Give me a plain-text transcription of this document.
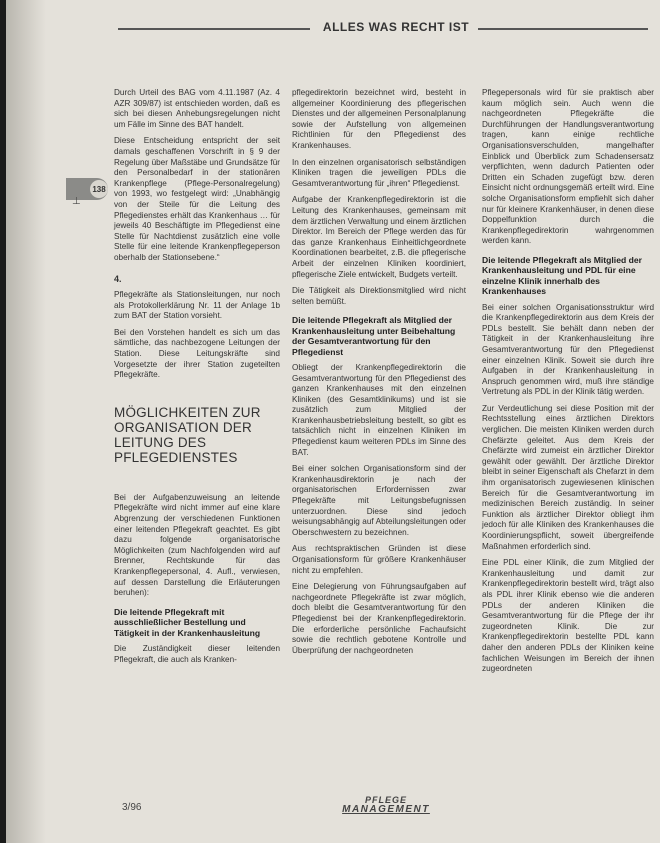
ALLES WAS RECHT IST
138
⊥

Durch Urteil des BAG vom 4.11.1987 (Az. 4 AZR 309/87) ist entschieden worden, daß es sich bei diesen Anhebungsregelungen nicht um Fälle im Sinne des BAT handelt.

Diese Entscheidung entspricht der seit damals geschaffenen Vorschrift in § 9 der Regelung über Maßstäbe und Grundsätze für den Personalbedarf in der stationären Krankenpflege (Pflege-Personalregelung) von 1993, wo festgelegt wird: „Unabhängig von der Steile für die Leitung des Pflegedienstes erhält das Krankenhaus … für jeweils 40 Beschäftigte im Pflegedienst eine Stelle für Nachtdienst zusätzlich eine volle Stelle für eine leitende Krankenpflegeperson oberhalb der Stationsebene.“

4.

Pflegekräfte als Stationsleitungen, nur noch als Protokollerklärung Nr. 11 der Anlage 1b zum BAT der Station vorsieht.

Bei den Vorstehen handelt es sich um das sämtliche, das nachbezogene Leitungen der Station. Diese Leitungskräfte sind Vorgesetzte der ihrer Station zugeteilten Pflegekräfte.

MÖGLICHKEITEN ZUR ORGANISATION DER LEITUNG DES PFLEGEDIENSTES

Bei der Aufgabenzuweisung an leitende Pflegekräfte wird nicht immer auf eine klare Abgrenzung der verschiedenen Funktionen einer leitenden Pflegekraft geachtet. Es gibt dazu folgende organisatorische Möglichkeiten (zum Nachfolgenden wird auf Brenner, Rechtskunde für das Krankenpflegepersonal, 4. Aufl., verwiesen, auf dessen Darstellung die Erläuterungen beruhen):

Die leitende Pflegekraft mit ausschließlicher Bestellung und Tätigkeit in der Krankenhausleitung

Die Zuständigkeit dieser leitenden Pflegekraft, die auch als Kranken-

pflegedirektorin bezeichnet wird, besteht in allgemeiner Koordinierung des pflegerischen Dienstes und der allgemeinen Personalplanung sowie der Aufstellung von allgemeinen Richtlinien für den Pflegedienst des Krankenhauses.

In den einzelnen organisatorisch selbständigen Kliniken tragen die jeweiligen PDLs die Gesamtverantwortung für „ihren“ Pflegedienst.

Aufgabe der Krankenpflegedirektorin ist die Leitung des Krankenhauses, gemeinsam mit dem ärztlichen Verwaltung und einem ärztlichen Direktor. Im Bereich der Pflege werden das für das ganze Krankenhaus Einheitlichgeordnete Koordinationen bearbeitet, z.B. die pflegerische Arbeit der einzelnen Kliniken koordiniert, pflegerische Ziele entwickelt, Budgets verteilt.

Die Tätigkeit als Direktionsmitglied wird nicht selten bemüßt.

Die leitende Pflegekraft als Mitglied der Krankenhausleitung unter Beibehaltung der Gesamtverantwortung für den Pflegedienst

Obliegt der Krankenpflegedirektorin die Gesamtverantwortung für den Pflegedienst des ganzen Krankenhauses mit den einzelnen Kliniken (des Gesamtklinikums) und ist sie zusätzlich zum Mitglied der Krankenhausbetriebsleitung bestellt, so gibt es tatsächlich nicht in einzelnen Kliniken im Pflegedienst kaum weiteren PDLs im Sinne des BAT.

Bei einer solchen Organisationsform sind der Krankenhausdirektorin je nach der organisatorischen Erfordernissen zwar Pflegekräfte mit Leitungsbefugnissen unterzuordnen. Diese sind jedoch weisungsabhängig auf Abteilungsleitungen oder Oberschwestern zu bezeichnen.

Aus rechtspraktischen Gründen ist diese Organisationsform für größere Krankenhäuser nicht zu empfehlen.

Eine Delegierung von Führungsaufgaben auf nachgeordnete Pflegekräfte ist zwar möglich, doch bleibt die Gesamtverantwortung für den Pflegedienst bei der Krankenpflegedirektorin. Die erforderliche persönliche Fachaufsicht sowie die rechtlich gebotene Kontrolle und Überprüfung der nachgeordneten

Pflegepersonals wird für sie praktisch aber kaum möglich sein. Auch wenn die nachgeordneten Pflegekräfte die Durchführungen der Handlungsverantwortung tragen, kann einige rechtliche Organisationsverschulden, mangelhafter Einblick und Überblick zum Schadensersatz verpflichten, wenn dadurch Patienten oder Dritten ein Schaden zugefügt bzw. deren Einsicht nicht ordnungsgemäß erteilt wird. Eine solche Organisationsform empfiehlt sich daher nur für kleinere Krankenhäuser, in denen diese Doppelfunktion durch die Krankenpflegedirektorin wahrgenommen werden kann.

Die leitende Pflegekraft als Mitglied der Krankenhausleitung und PDL für eine einzelne Klinik innerhalb des Krankenhauses

Bei einer solchen Organisationsstruktur wird die Krankenpflegedirektorin aus dem Kreis der PDLs bestellt. Sie behält dann neben der Tätigkeit in der Krankenhausleitung ihre Gesamtverantwortung für den Pflegedienst einer einzelnen Klinik. Soweit sie durch ihre Aufgaben in der Krankenhausleitung in Anspruch genommen wird, muß ihre ständige Vertretung als PDL in der Klinik tätig werden.

Zur Verdeutlichung sei diese Position mit der Rechtsstellung eines ärztlichen Direktors verglichen. Die meisten Kliniken werden durch Chefärzte geleitet. Aus dem Kreis der Chefärzte wird zumeist ein ärztlicher Direktor gewählt oder gewählt. Der ärztliche Direktor bleibt in seiner Eigenschaft als Chefarzt in dem ihm organisatorisch zugewiesenen klinischen Bereich für die Gesamtverantwortung im medizinischen Bereich zuständig. In seiner Funktion als ärztlicher Direktor obliegt ihm jedoch für alle Kliniken des Krankenhauses die Koordinierungspflicht, soweit übergreifende Maßnahmen erforderlich sind.

Eine PDL einer Klinik, die zum Mitglied der Krankenhausleitung und damit zur Krankenpflegedirektorin bestellt wird, trägt also als PDL ihrer Klinik ebenso wie die anderen PDLs der anderen Kliniken die Gesamtverantwortung für die Pflege der ihr zugeordneten Klinik. Die zur Krankenpflegedirektorin bestellte PDL kann daher den anderen PDLs der Kliniken keine fachlichen Weisungen im Bereich der ihnen zugeordneten

3/96
PFLEGE
MANAGEMENT
